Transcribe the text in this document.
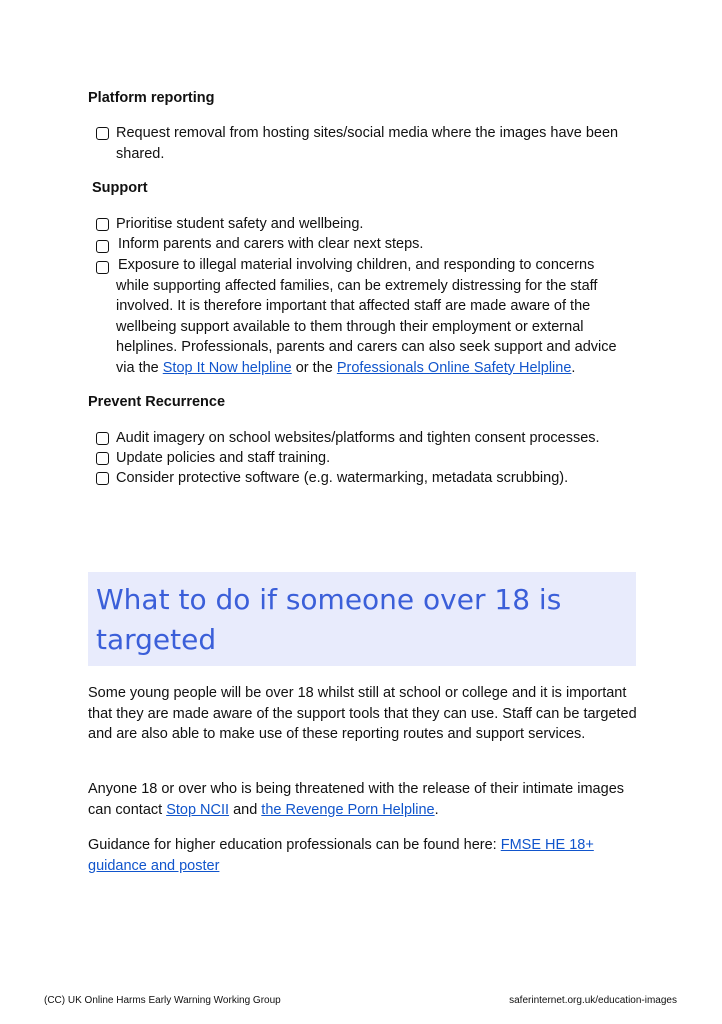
Platform reporting
Request removal from hosting sites/social media where the images have been shared.
Support
Prioritise student safety and wellbeing.
Inform parents and carers with clear next steps.
Exposure to illegal material involving children, and responding to concerns while supporting affected families, can be extremely distressing for the staff involved. It is therefore important that affected staff are made aware of the wellbeing support available to them through their employment or external helplines. Professionals, parents and carers can also seek support and advice via the Stop It Now helpline or the Professionals Online Safety Helpline.
Prevent Recurrence
Audit imagery on school websites/platforms and tighten consent processes.
Update policies and staff training.
Consider protective software (e.g. watermarking, metadata scrubbing).
What to do if someone over 18 is targeted
Some young people will be over 18 whilst still at school or college and it is important that they are made aware of the support tools that they can use. Staff can be targeted and are also able to make use of these reporting routes and support services.
Anyone 18 or over who is being threatened with the release of their intimate images can contact Stop NCII and the Revenge Porn Helpline.
Guidance for higher education professionals can be found here: FMSE HE 18+ guidance and poster
(CC) UK Online Harms Early Warning Working Group	saferinternet.org.uk/education-images
